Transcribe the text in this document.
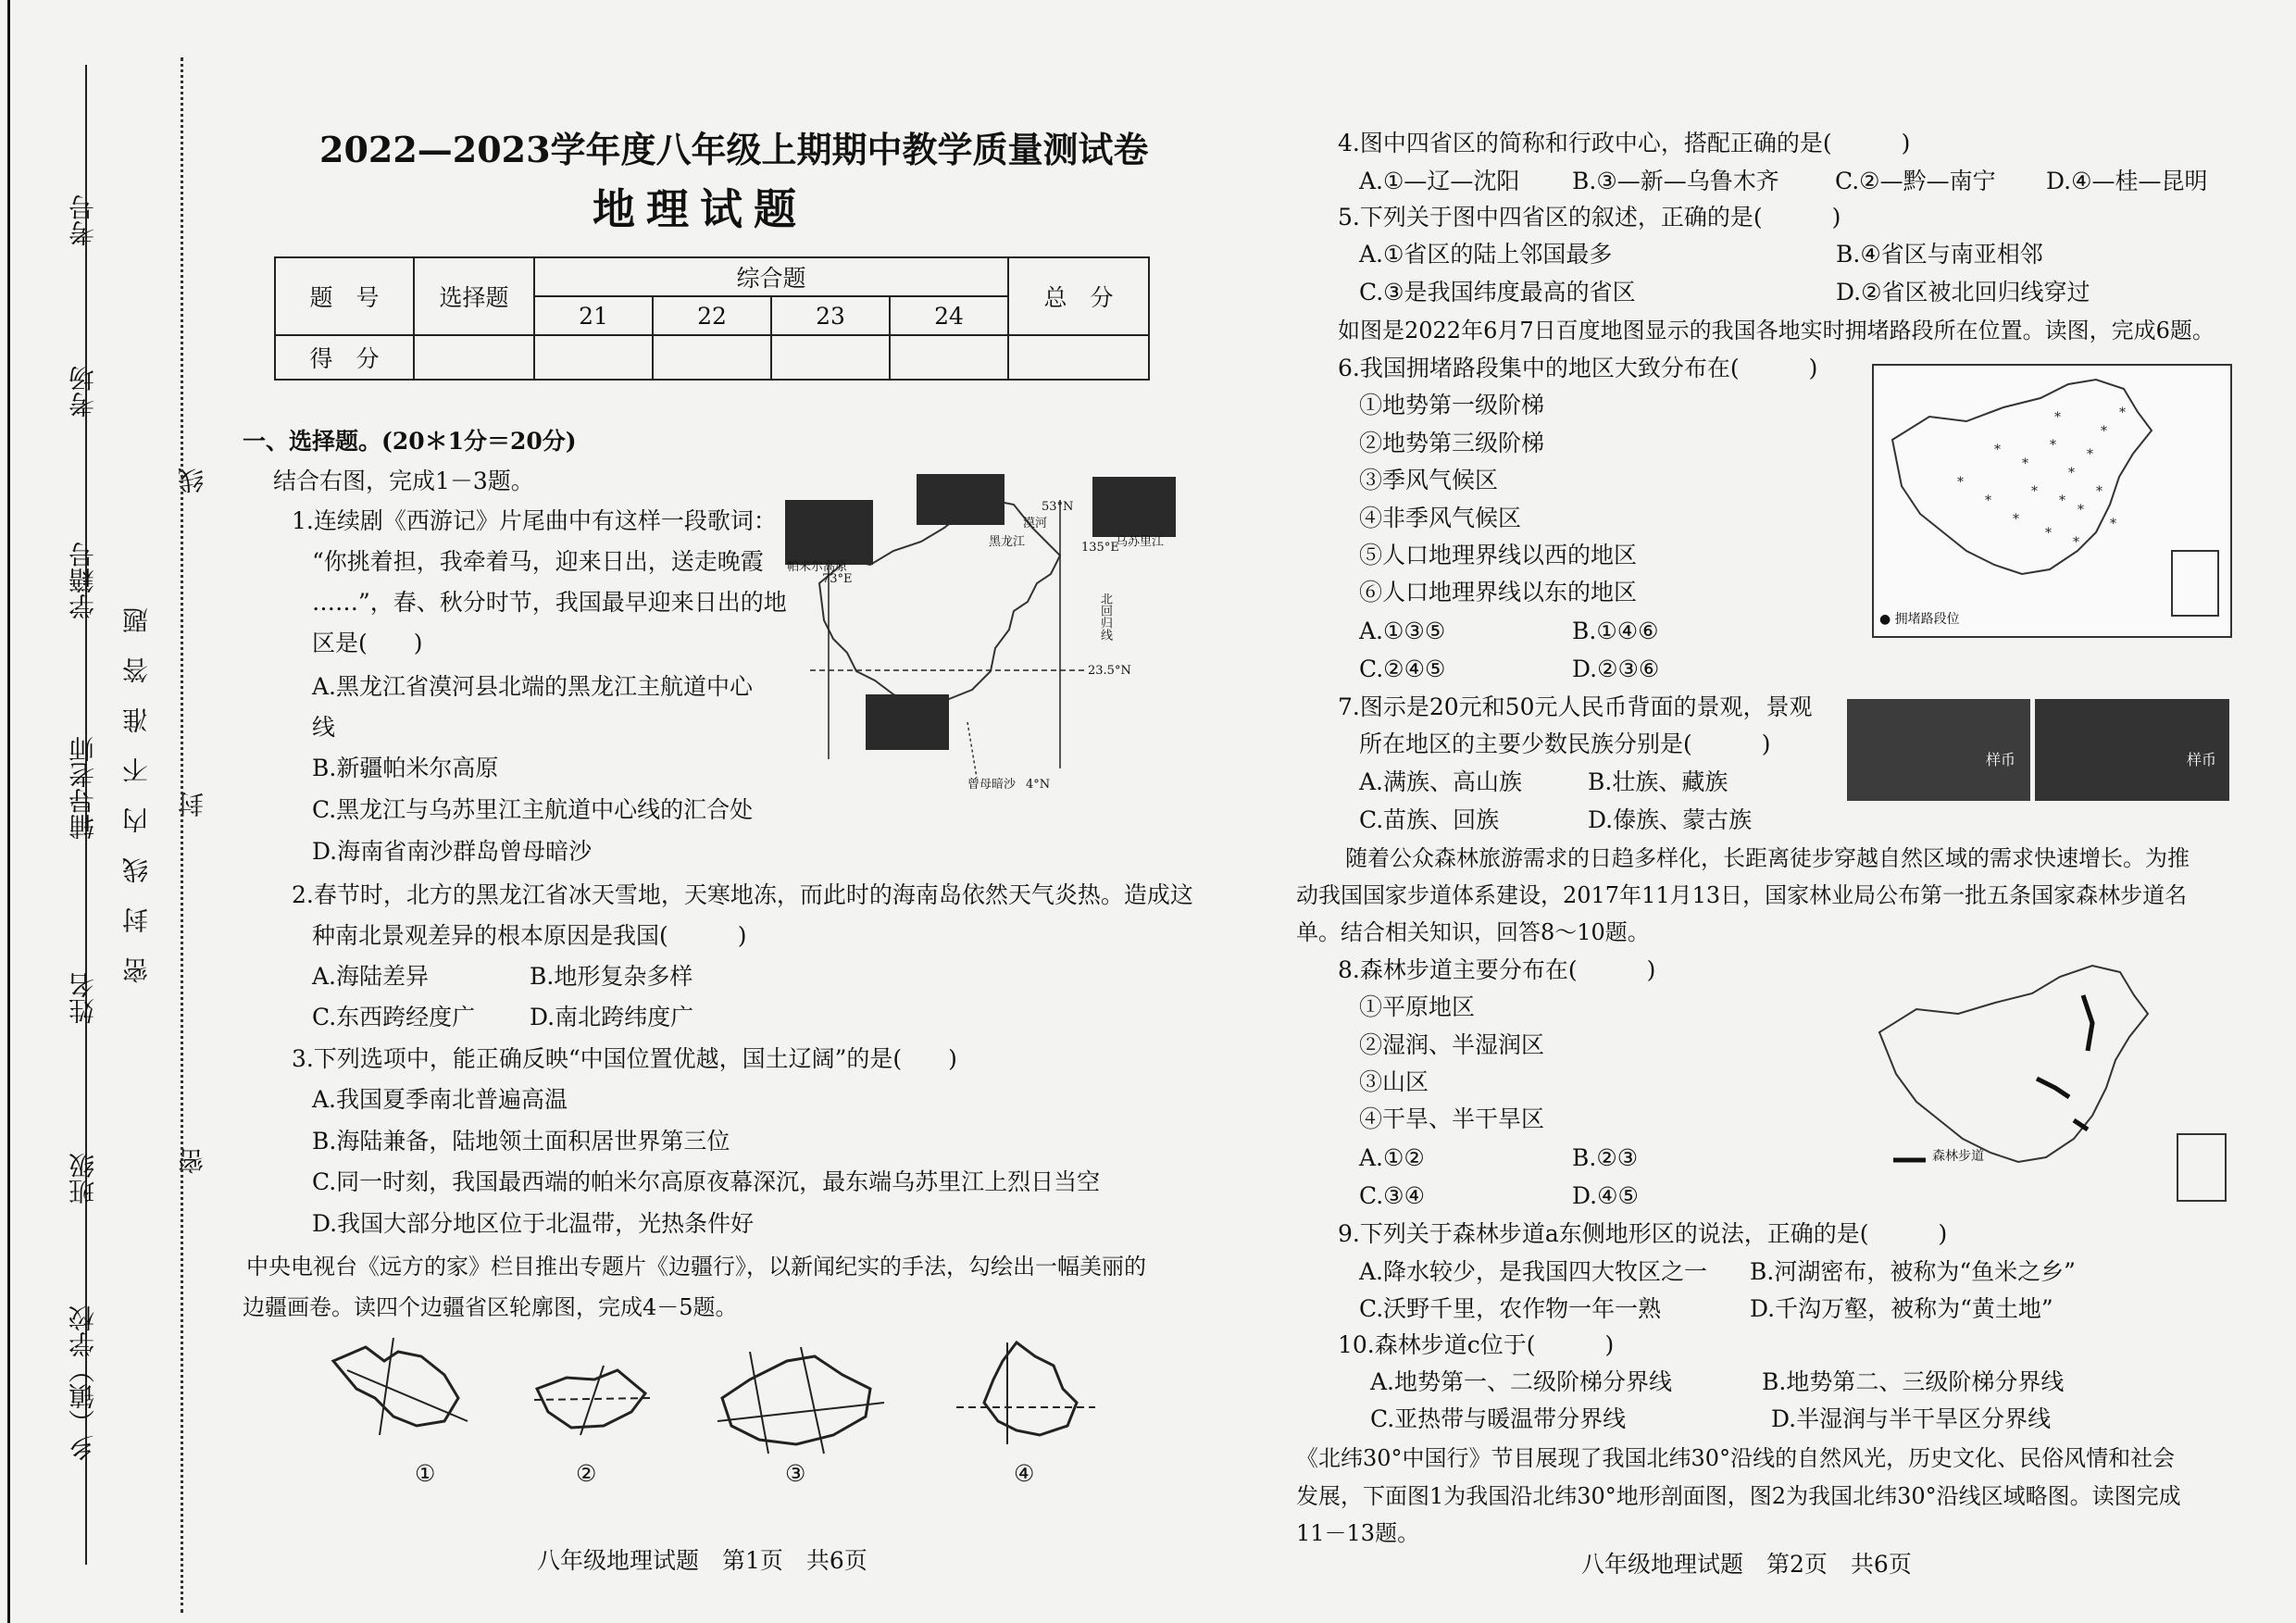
考号
考场
学籍号
辅导老师
姓名
班级
乡（镇）学校
密封线内不准答题
线
封
密
2022—2023学年度八年级上期期中教学质量测试卷
地理试题
题　号	选择题	综合题				总　分
		21	22	23	24	
得　分						
一、选择题。(20＊1分＝20分)
结合右图，完成1－3题。
1.连续剧《西游记》片尾曲中有这样一段歌词：
“你挑着担，我牵着马，迎来日出，送走晚霞
……”，春、秋分时节，我国最早迎来日出的地
区是(　　)
A.黑龙江省漠河县北端的黑龙江主航道中心
线
B.新疆帕米尔高原
C.黑龙江与乌苏里江主航道中心线的汇合处
D.海南省南沙群岛曾母暗沙
53°N
黑龙江
漠河
135°E
乌苏里江
73°E
帕米尔高原
北回归线
23.5°N
曾母暗沙 4°N
2.春节时，北方的黑龙江省冰天雪地，天寒地冻，而此时的海南岛依然天气炎热。造成这
种南北景观差异的根本原因是我国(　　　)
A.海陆差异	B.地形复杂多样
C.东西跨经度广 D.南北跨纬度广
3.下列选项中，能正确反映“中国位置优越，国土辽阔”的是(　　)
A.我国夏季南北普遍高温
B.海陆兼备，陆地领土面积居世界第三位
C.同一时刻，我国最西端的帕米尔高原夜幕深沉，最东端乌苏里江上烈日当空
D.我国大部分地区位于北温带，光热条件好
中央电视台《远方的家》栏目推出专题片《边疆行》，以新闻纪实的手法，勾绘出一幅美丽的
边疆画卷。读四个边疆省区轮廓图，完成4－5题。
①	②	③	④
八年级地理试题　第1页　共6页
4.图中四省区的简称和行政中心，搭配正确的是(　　　)
A.①—辽—沈阳 B.③—新—乌鲁木齐 C.②—黔—南宁 D.④—桂—昆明
5.下列关于图中四省区的叙述，正确的是(　　　)
A.①省区的陆上邻国最多	B.④省区与南亚相邻
C.③是我国纬度最高的省区	D.②省区被北回归线穿过
如图是2022年6月7日百度地图显示的我国各地实时拥堵路段所在位置。读图，完成6题。
6.我国拥堵路段集中的地区大致分布在(　　　)
①地势第一级阶梯
②地势第三级阶梯
③季风气候区
④非季风气候区
⑤人口地理界线以西的地区
⑥人口地理界线以东的地区
A.①③⑤	B.①④⑥
C.②④⑤	D.②③⑥
*
*
*
*
*
*
*
*
*
*
*
*
*
*
*
*
*
*
● 拥堵路段位
7.图示是20元和50元人民币背面的景观，景观
所在地区的主要少数民族分别是(　　　)
A.满族、高山族	B.壮族、藏族
C.苗族、回族	D.傣族、蒙古族
样币	样币
随着公众森林旅游需求的日趋多样化，长距离徒步穿越自然区域的需求快速增长。为推
动我国国家步道体系建设，2017年11月13日，国家林业局公布第一批五条国家森林步道名
单。结合相关知识，回答8～10题。
8.森林步道主要分布在(　　　)
①平原地区
②湿润、半湿润区
③山区
④干旱、半干旱区
A.①②	B.②③
C.③④	D.④⑤
森林步道
9.下列关于森林步道a东侧地形区的说法，正确的是(　　　)
A.降水较少，是我国四大牧区之一 B.河湖密布，被称为“鱼米之乡”
C.沃野千里，农作物一年一熟	D.千沟万壑，被称为“黄土地”
10.森林步道c位于(　　　)
A.地势第一、二级阶梯分界线	B.地势第二、三级阶梯分界线
C.亚热带与暖温带分界线	D.半湿润与半干旱区分界线
《北纬30°中国行》节目展现了我国北纬30°沿线的自然风光，历史文化、民俗风情和社会
发展，下面图1为我国沿北纬30°地形剖面图，图2为我国北纬30°沿线区域略图。读图完成
11－13题。
八年级地理试题　第2页　共6页
